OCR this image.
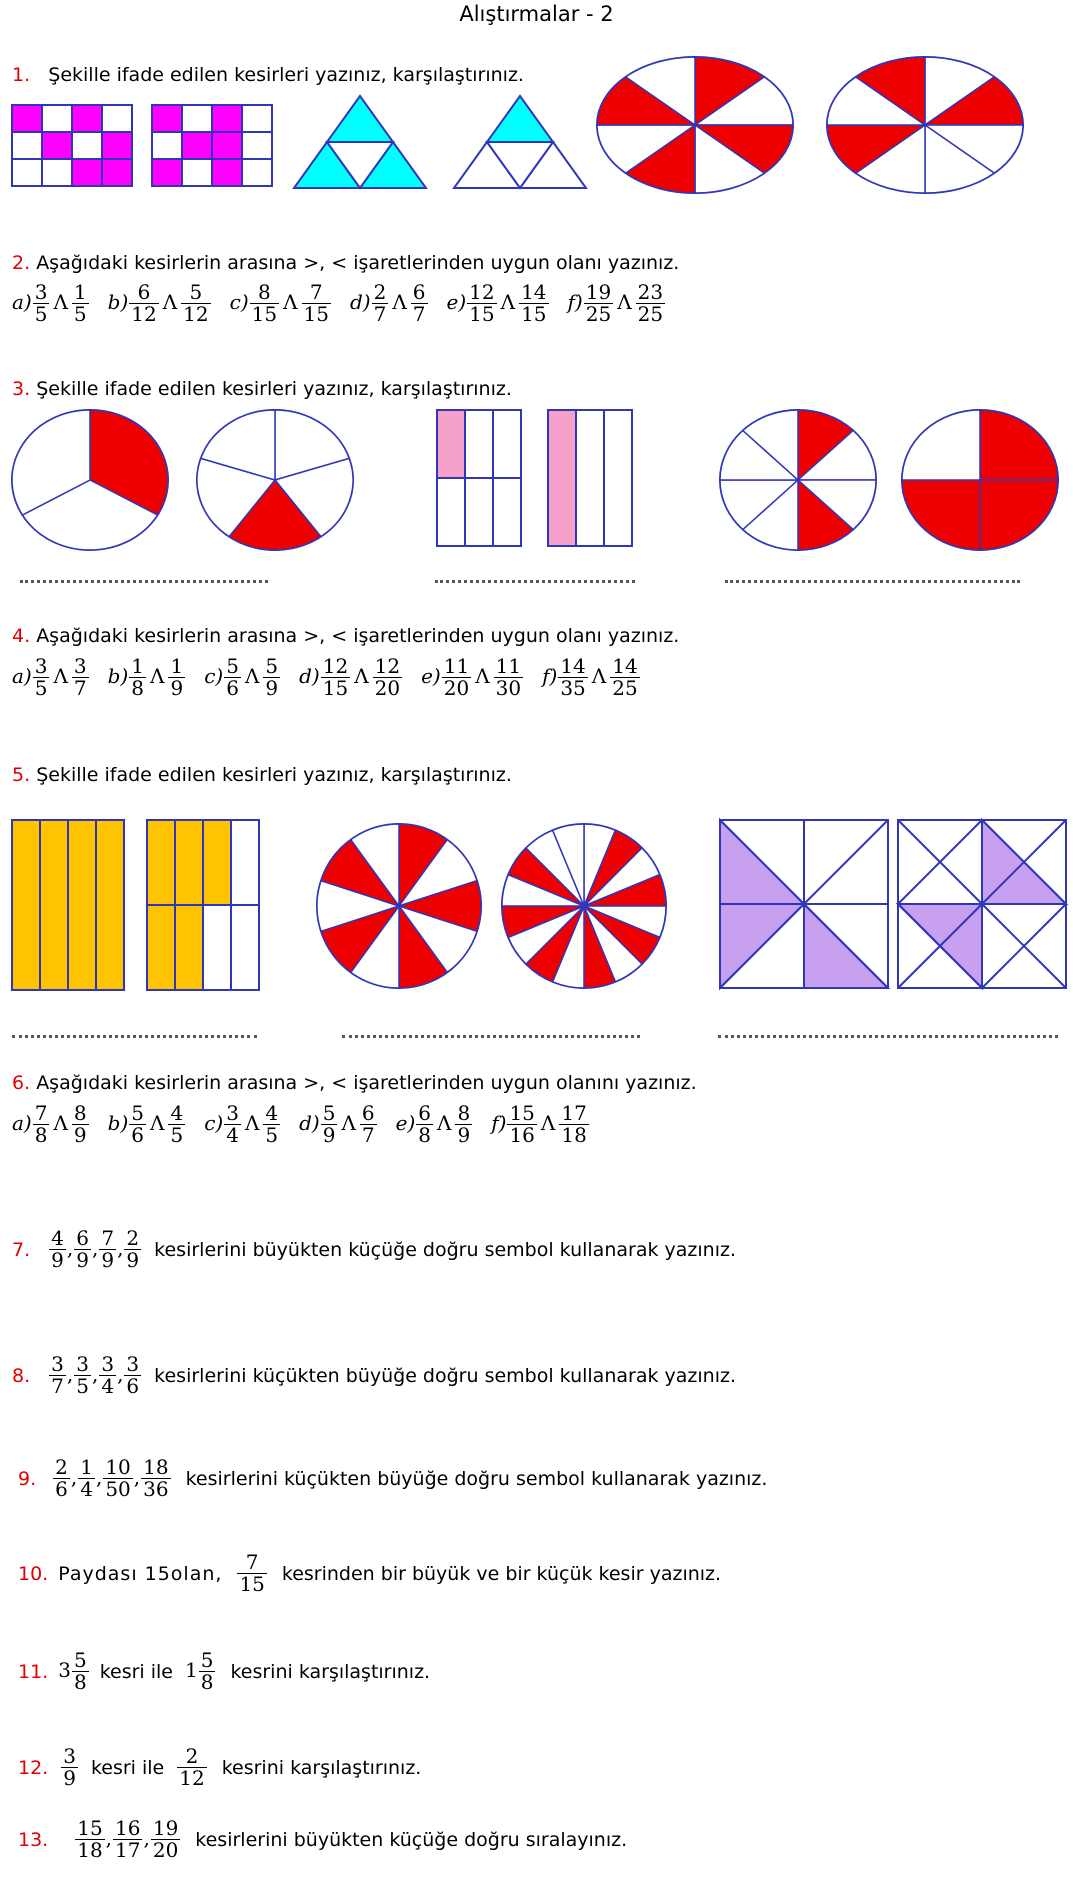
Alıştırmalar - 2
1. Şekille ifade edilen kesirleri yazınız, karşılaştırınız.
2. Aşağıdaki kesirlerin arasına >, < işaretlerinden uygun olanı yazınız.
$a) \frac{3}{5}$ Λ $\frac{1}{5} b) \frac{6}{12}$ Λ $\frac{5}{12} c) \frac{8}{15}$ Λ $\frac{7}{15} d) \frac{2}{7}$ Λ $\frac{6}{7} e) \frac{12}{15}$ Λ $\frac{14}{15} f) \frac{19}{25}$ Λ $\frac{23}{25}$
3. Şekille ifade edilen kesirleri yazınız, karşılaştırınız.
4. Aşağıdaki kesirlerin arasına >, < işaretlerinden uygun olanı yazınız.
$a) \frac{3}{5}$ Λ $\frac{3}{7} b) \frac{1}{8}$ Λ $\frac{1}{9} c) \frac{5}{6}$ Λ $\frac{5}{9} d) \frac{12}{15}$ Λ $\frac{12}{20} e) \frac{11}{20}$ Λ $\frac{11}{30} f) \frac{14}{35}$ Λ $\frac{14}{25}$
5. Şekille ifade edilen kesirleri yazınız, karşılaştırınız.
6. Aşağıdaki kesirlerin arasına >, < işaretlerinden uygun olanını yazınız.
$a) \frac{7}{8}$ Λ $\frac{8}{9} b) \frac{5}{6}$ Λ $\frac{4}{5} c) \frac{3}{4}$ Λ $\frac{4}{5} d) \frac{5}{9}$ Λ $\frac{6}{7} e) \frac{6}{8}$ Λ $\frac{8}{9} f) \frac{15}{16}$ Λ $\frac{17}{18}$
7. $\frac{4}{9}$ , $\frac{6}{9}$ , $\frac{7}{9}$ , $\frac{2}{9}$ kesirlerini büyükten küçüğe doğru sembol kullanarak yazınız.
8. $\frac{3}{7}$ , $\frac{3}{5}$ , $\frac{3}{4}$ , $\frac{3}{6}$ kesirlerini küçükten büyüğe doğru sembol kullanarak yazınız.
9. $\frac{2}{6}$ , $\frac{1}{4}$ , $\frac{10}{50}$ , $\frac{18}{36}$ kesirlerini küçükten büyüğe doğru sembol kullanarak yazınız.
10. Paydası 15olan, $\frac{7}{15}$ kesrinden bir büyük ve bir küçük kesir yazınız.
11. $3 \frac{5}{8}$ kesri ile $1 \frac{5}{8}$ kesrini karşılaştırınız.
12. $\frac{3}{9}$ kesri ile $\frac{2}{12}$ kesrini karşılaştırınız.
13. $\frac{15}{18}$ , $\frac{16}{17}$ , $\frac{19}{20}$ kesirlerini büyükten küçüğe doğru sıralayınız.
